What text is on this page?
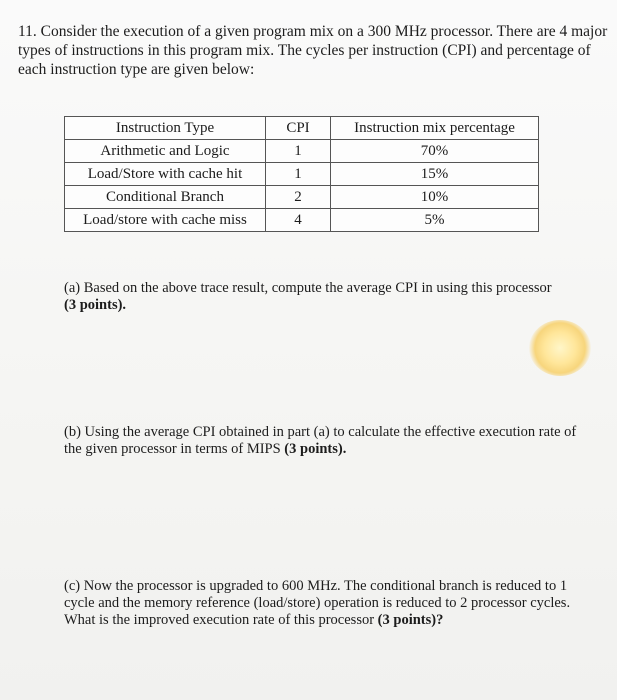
11. Consider the execution of a given program mix on a 300 MHz processor. There are 4 major types of instructions in this program mix. The cycles per instruction (CPI) and percentage of each instruction type are given below:
Instruction Type	CPI	Instruction mix percentage
Arithmetic and Logic	1	70%
Load/Store with cache hit	1	15%
Conditional Branch	2	10%
Load/store with cache miss	4	5%
(a) Based on the above trace result, compute the average CPI in using this processor (3 points).
(b) Using the average CPI obtained in part (a) to calculate the effective execution rate of the given processor in terms of MIPS (3 points).
(c) Now the processor is upgraded to 600 MHz. The conditional branch is reduced to 1 cycle and the memory reference (load/store) operation is reduced to 2 processor cycles. What is the improved execution rate of this processor (3 points)?
